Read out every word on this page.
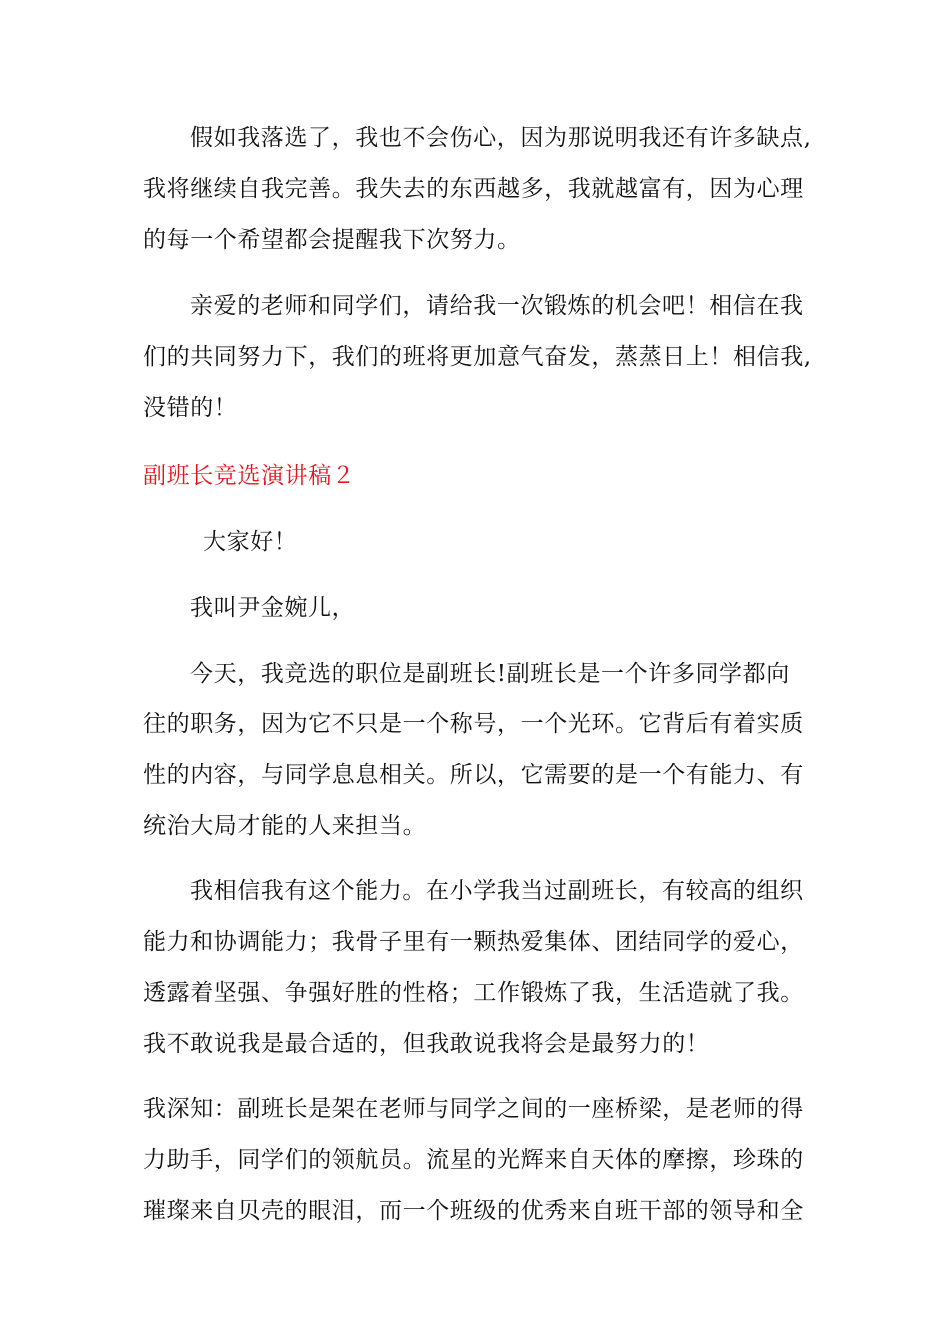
假如我落选了，我也不会伤心，因为那说明我还有许多缺点,
我将继续自我完善。我失去的东西越多，我就越富有，因为心理
的每一个希望都会提醒我下次努力。
亲爱的老师和同学们，请给我一次锻炼的机会吧！相信在我
们的共同努力下，我们的班将更加意气奋发，蒸蒸日上！相信我,
没错的！
副班长竞选演讲稿２
大家好！
我叫尹金婉儿，
今天，我竞选的职位是副班长!副班长是一个许多同学都向
往的职务，因为它不只是一个称号，一个光环。它背后有着实质
性的内容，与同学息息相关。所以，它需要的是一个有能力、有
统治大局才能的人来担当。
我相信我有这个能力。在小学我当过副班长，有较高的组织
能力和协调能力；我骨子里有一颗热爱集体、团结同学的爱心，
透露着坚强、争强好胜的性格；工作锻炼了我，生活造就了我。
我不敢说我是最合适的，但我敢说我将会是最努力的！
我深知：副班长是架在老师与同学之间的一座桥梁，是老师的得
力助手，同学们的领航员。流星的光辉来自天体的摩擦，珍珠的
璀璨来自贝壳的眼泪，而一个班级的优秀来自班干部的领导和全
